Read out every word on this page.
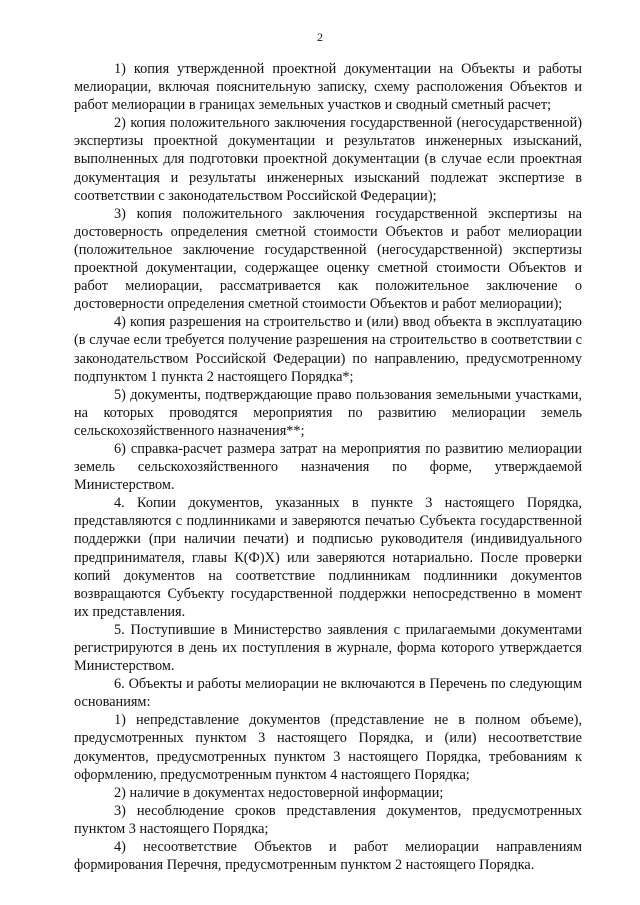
2

1) копия утвержденной проектной документации на Объекты и работы мелиорации, включая пояснительную записку, схему расположения Объектов и работ мелиорации в границах земельных участков и сводный сметный расчет;

2) копия положительного заключения государственной (негосударственной) экспертизы проектной документации и результатов инженерных изысканий, выполненных для подготовки проектной документации (в случае если проектная документация и результаты инженерных изысканий подлежат экспертизе в соответствии с законодательством Российской Федерации);

3) копия положительного заключения государственной экспертизы на достоверность определения сметной стоимости Объектов и работ мелиорации (положительное заключение государственной (негосударственной) экспертизы проектной документации, содержащее оценку сметной стоимости Объектов и работ мелиорации, рассматривается как положительное заключение о достоверности определения сметной стоимости Объектов и работ мелиорации);

4) копия разрешения на строительство и (или) ввод объекта в эксплуатацию (в случае если требуется получение разрешения на строительство в соответствии с законодательством Российской Федерации) по направлению, предусмотренному подпунктом 1 пункта 2 настоящего Порядка*;

5) документы, подтверждающие право пользования земельными участками, на которых проводятся мероприятия по развитию мелиорации земель сельскохозяйственного назначения**;

6) справка-расчет размера затрат на мероприятия по развитию мелиорации земель сельскохозяйственного назначения по форме, утверждаемой Министерством.

4. Копии документов, указанных в пункте 3 настоящего Порядка, представляются с подлинниками и заверяются печатью Субъекта государственной поддержки (при наличии печати) и подписью руководителя (индивидуального предпринимателя, главы К(Ф)Х) или заверяются нотариально. После проверки копий документов на соответствие подлинникам подлинники документов возвращаются Субъекту государственной поддержки непосредственно в момент их представления.

5. Поступившие в Министерство заявления с прилагаемыми документами регистрируются в день их поступления в журнале, форма которого утверждается Министерством.

6. Объекты и работы мелиорации не включаются в Перечень по следующим основаниям:

1) непредставление документов (представление не в полном объеме), предусмотренных пунктом 3 настоящего Порядка, и (или) несоответствие документов, предусмотренных пунктом 3 настоящего Порядка, требованиям к оформлению, предусмотренным пунктом 4 настоящего Порядка;

2) наличие в документах недостоверной информации;

3) несоблюдение сроков представления документов, предусмотренных пунктом 3 настоящего Порядка;

4) несоответствие Объектов и работ мелиорации направлениям формирования Перечня, предусмотренным пунктом 2 настоящего Порядка.
